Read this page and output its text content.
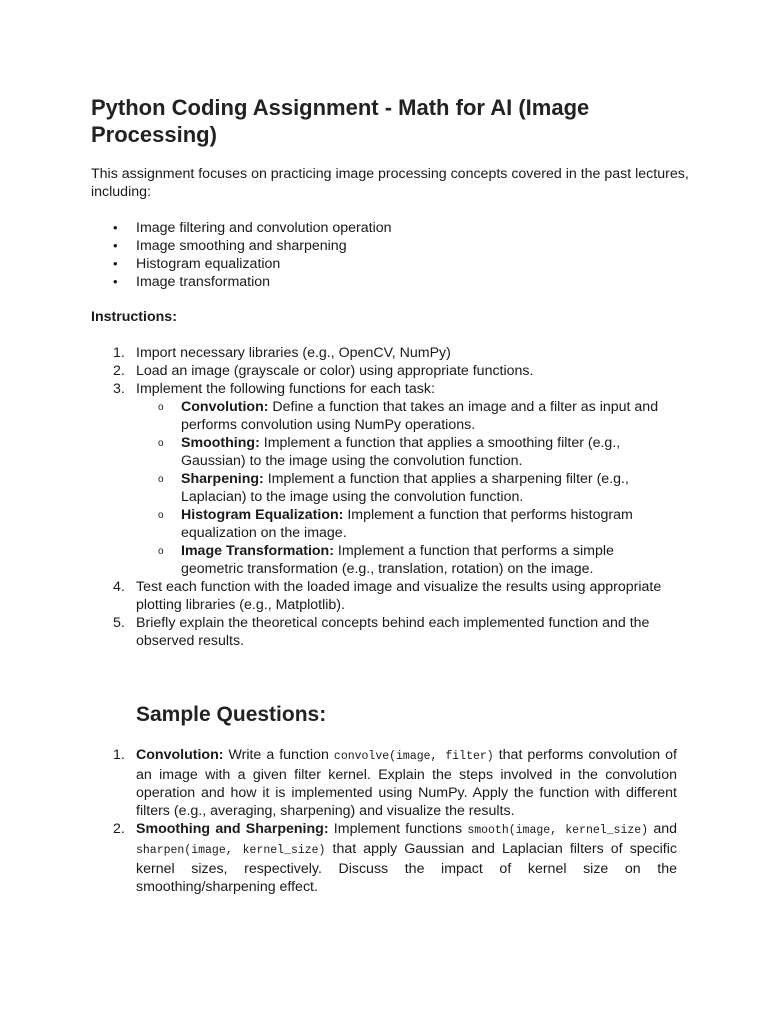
Python Coding Assignment - Math for AI (Image Processing)

This assignment focuses on practicing image processing concepts covered in the past lectures, including:

• Image filtering and convolution operation
• Image smoothing and sharpening
• Histogram equalization
• Image transformation

Instructions:

1. Import necessary libraries (e.g., OpenCV, NumPy)
2. Load an image (grayscale or color) using appropriate functions.
3. Implement the following functions for each task:
o Convolution: Define a function that takes an image and a filter as input and performs convolution using NumPy operations.
o Smoothing: Implement a function that applies a smoothing filter (e.g., Gaussian) to the image using the convolution function.
o Sharpening: Implement a function that applies a sharpening filter (e.g., Laplacian) to the image using the convolution function.
o Histogram Equalization: Implement a function that performs histogram equalization on the image.
o Image Transformation: Implement a function that performs a simple geometric transformation (e.g., translation, rotation) on the image.
4. Test each function with the loaded image and visualize the results using appropriate plotting libraries (e.g., Matplotlib).
5. Briefly explain the theoretical concepts behind each implemented function and the observed results.
Sample Questions:
1. Convolution: Write a function convolve(image, filter) that performs convolution of an image with a given filter kernel. Explain the steps involved in the convolution operation and how it is implemented using NumPy. Apply the function with different filters (e.g., averaging, sharpening) and visualize the results.
2. Smoothing and Sharpening: Implement functions smooth(image, kernel_size) and sharpen(image, kernel_size) that apply Gaussian and Laplacian filters of specific kernel sizes, respectively. Discuss the impact of kernel size on the smoothing/sharpening effect.
